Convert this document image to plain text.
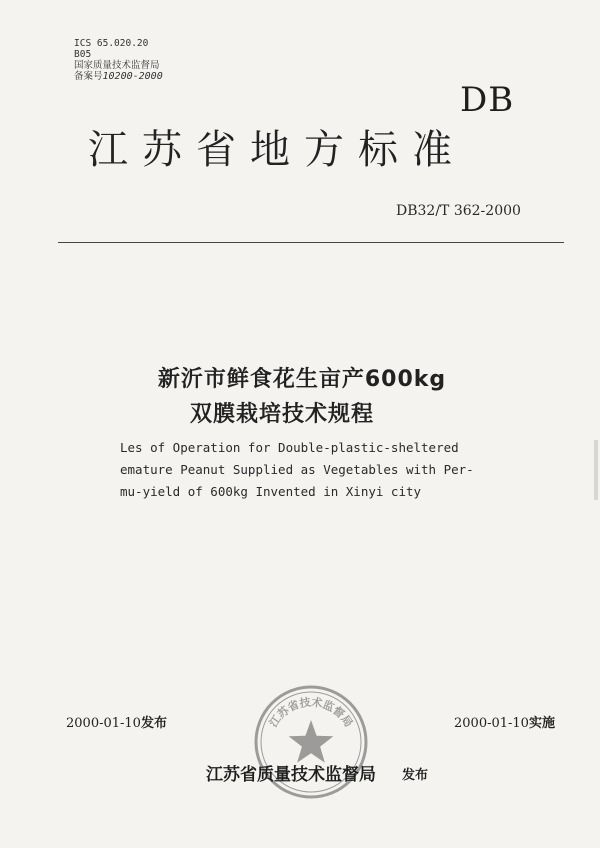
ICS 65.020.20
B05
国家质量技术监督局
备案号10200-2000
DB
江苏省地方标准
DB32/T 362-2000
新沂市鲜食花生亩产600kg
双膜栽培技术规程
Les of Operation for Double-plastic-sheltered
emature Peanut Supplied as Vegetables with Per-
mu-yield of 600kg Invented in Xinyi city
2000-01-10发布	2000-01-10实施
江苏省技术监督局
江苏省质量技术监督局 发布
